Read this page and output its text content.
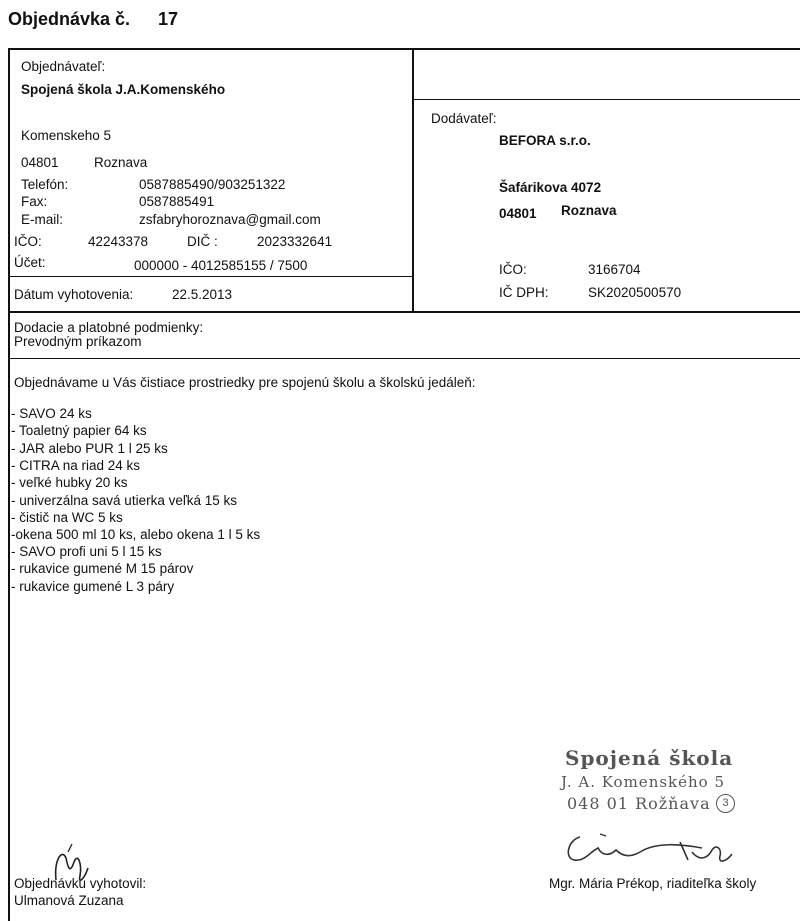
Objednávka č. 17
Objednávateľ:
Spojená škola J.A.Komenského
Komenskeho 5
04801	Roznava
Telefón:	0587885490/903251322
Fax:	0587885491
E-mail:	zsfabryhoroznava@gmail.com
IČO:	42243378	DIČ :	2023332641
Účet:	000000 - 4012585155 / 7500
Dátum vyhotovenia:	22.5.2013
Dodávateľ:
BEFORA s.r.o.
Šafárikova 4072
04801 Roznava
IČO:	3166704
IČ DPH:	SK2020500570
Dodacie a platobné podmienky:
Prevodným príkazom
Objednávame u Vás čistiace prostriedky pre spojenú školu a školskú jedáleň:
- SAVO 24 ks
- Toaletný papier 64 ks
- JAR alebo PUR 1 l 25 ks
- CITRA na riad 24 ks
- veľké hubky 20 ks
- univerzálna savá utierka veľká 15 ks
- čistič na WC 5 ks
-okena 500 ml 10 ks, alebo okena 1 l 5 ks
- SAVO profi uni 5 l 15 ks
- rukavice gumené M 15 párov
- rukavice gumené L 3 páry
Spojená škola
J. A. Komenského 5
048 01 Rožňava	3
Objednávku vyhotovil:
Ulmanová Zuzana
Mgr. Mária Prékop, riaditeľka školy
